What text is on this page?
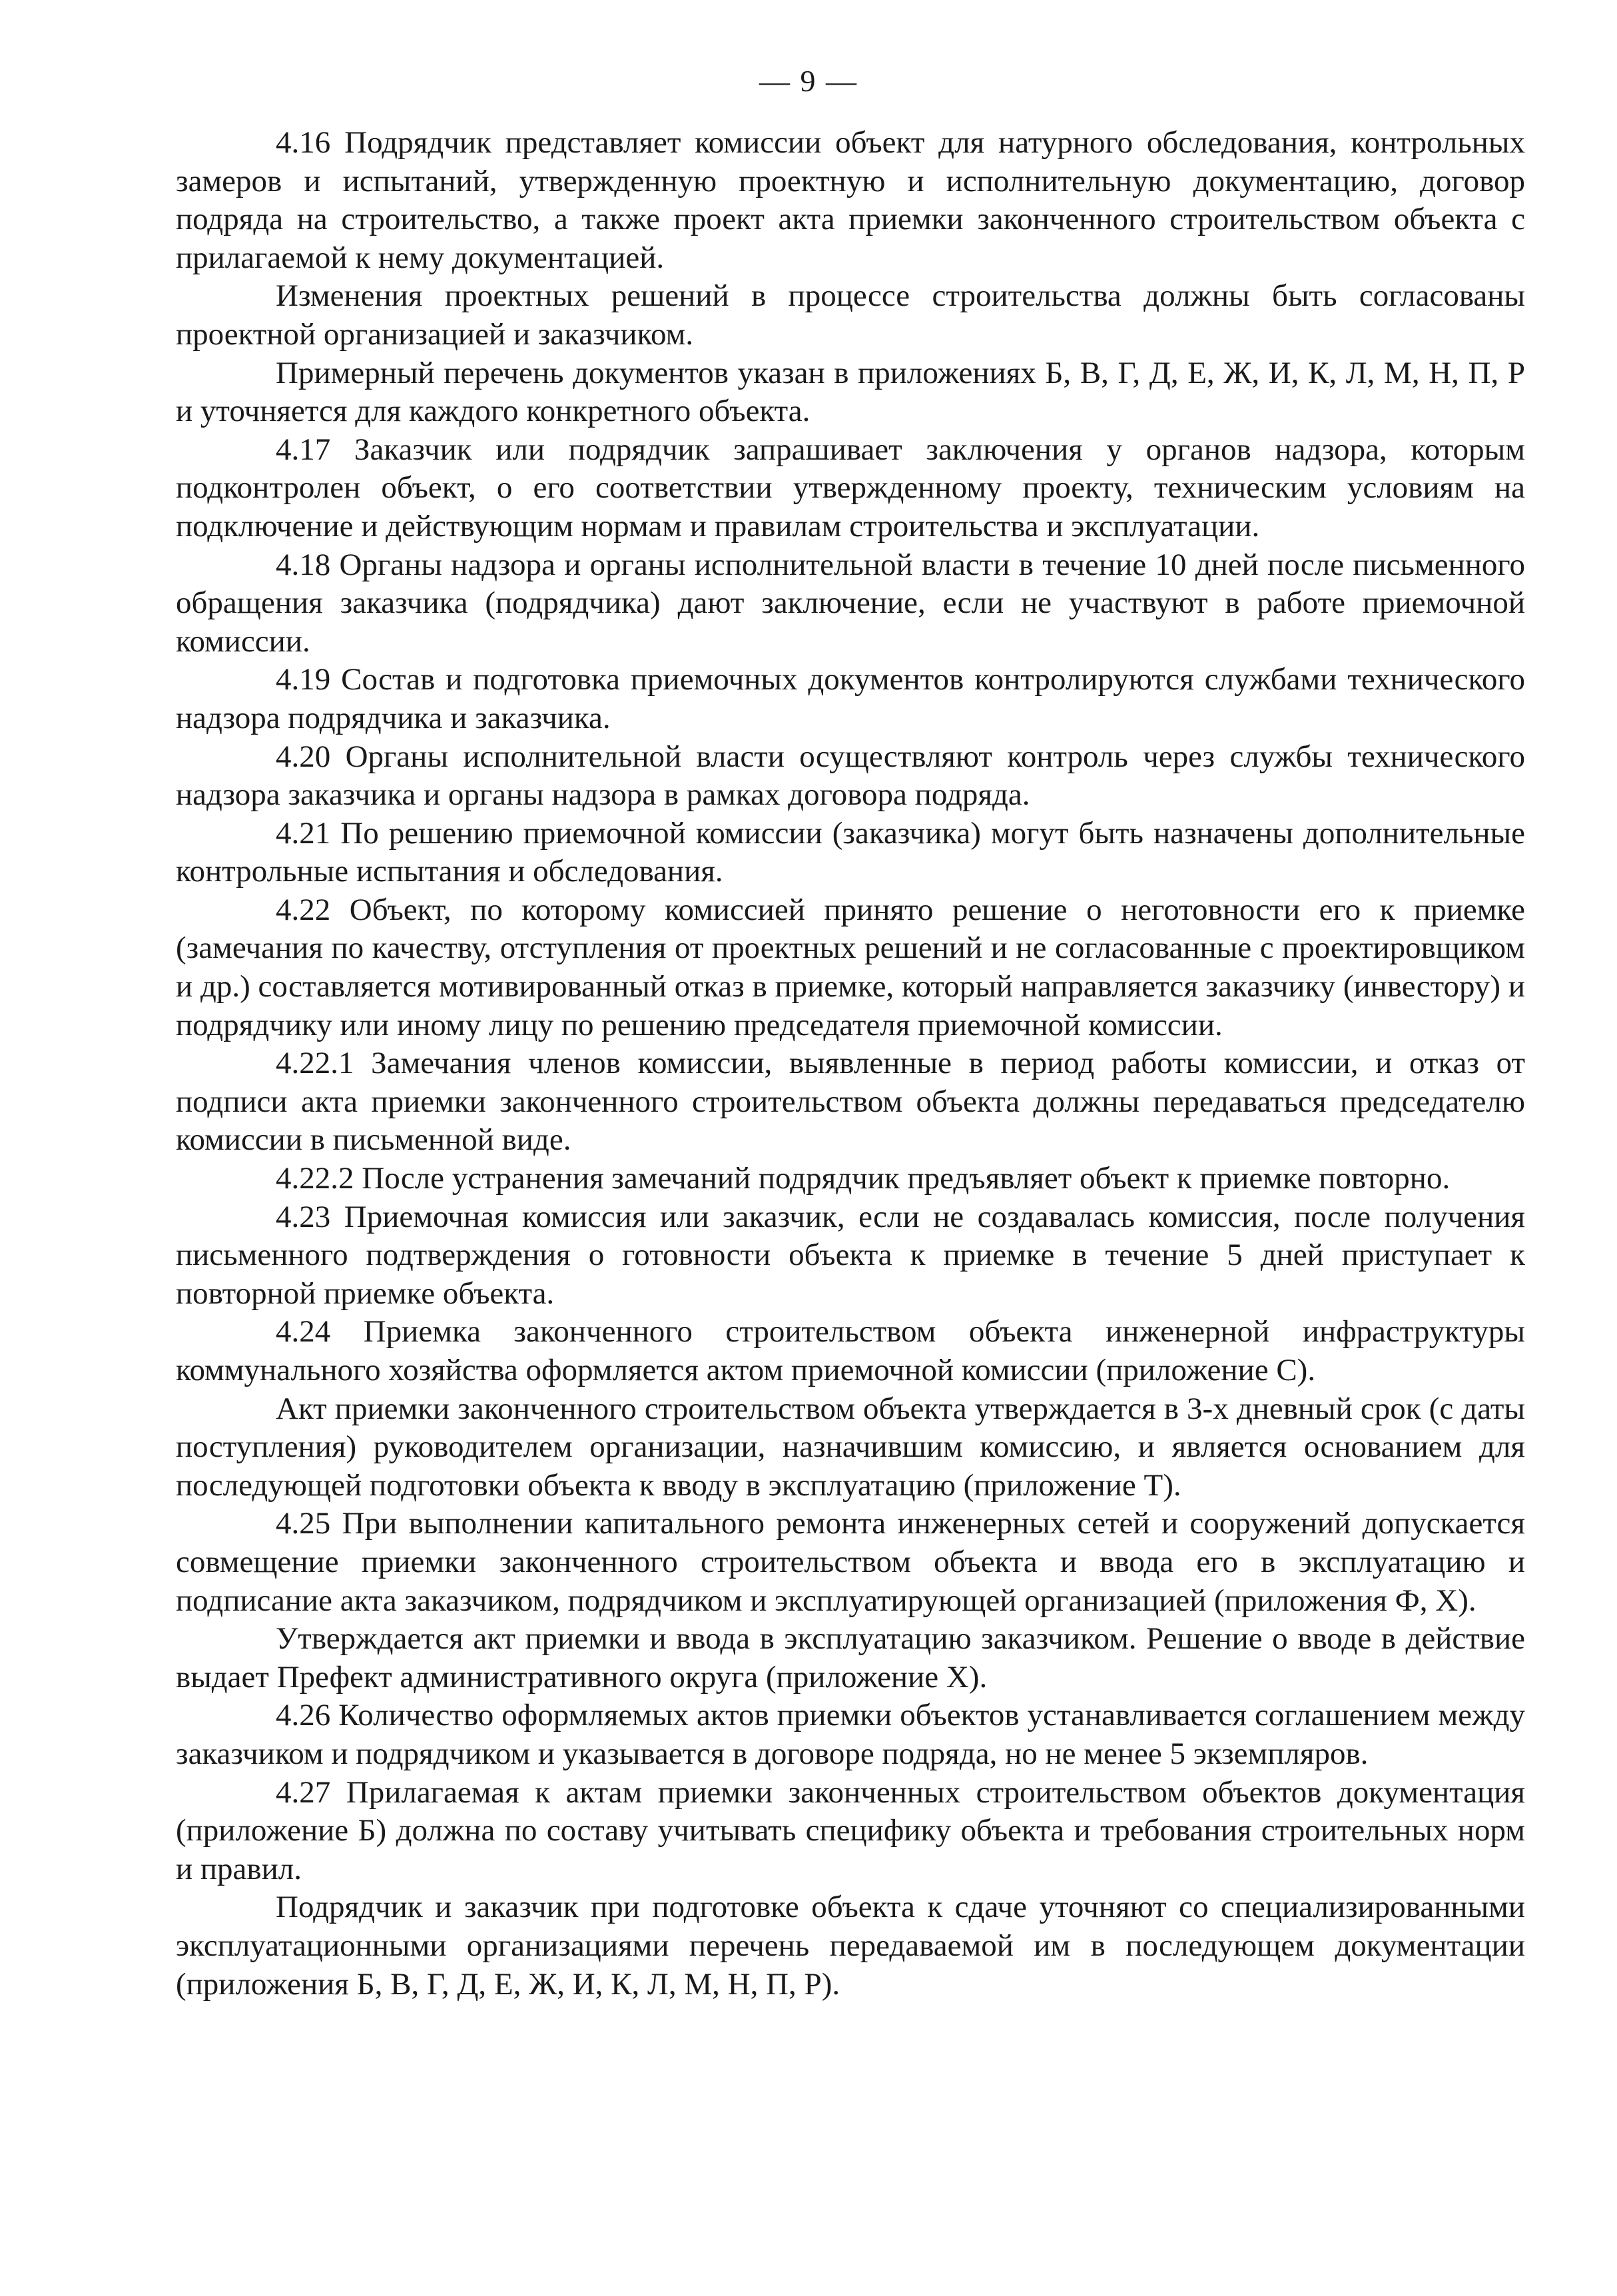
— 9 —

4.16 Подрядчик представляет комиссии объект для натурного обследования, контрольных замеров и испытаний, утвержденную проектную и исполнительную документацию, договор подряда на строительство, а также проект акта приемки законченного строительством объекта с прилагаемой к нему документацией.

Изменения проектных решений в процессе строительства должны быть согласованы проектной организацией и заказчиком.

Примерный перечень документов указан в приложениях Б, В, Г, Д, Е, Ж, И, К, Л, М, Н, П, Р и уточняется для каждого конкретного объекта.

4.17 Заказчик или подрядчик запрашивает заключения у органов надзора, которым подконтролен объект, о его соответствии утвержденному проекту, техническим условиям на подключение и действующим нормам и правилам строительства и эксплуатации.

4.18 Органы надзора и органы исполнительной власти в течение 10 дней после письменного обращения заказчика (подрядчика) дают заключение, если не участвуют в работе приемочной комиссии.

4.19 Состав и подготовка приемочных документов контролируются службами технического надзора подрядчика и заказчика.

4.20 Органы исполнительной власти осуществляют контроль через службы технического надзора заказчика и органы надзора в рамках договора подряда.

4.21 По решению приемочной комиссии (заказчика) могут быть назначены дополнительные контрольные испытания и обследования.

4.22 Объект, по которому комиссией принято решение о неготовности его к приемке (замечания по качеству, отступления от проектных решений и не согласованные с проектировщиком и др.) составляется мотивированный отказ в приемке, который направляется заказчику (инвестору) и подрядчику или иному лицу по решению председателя приемочной комиссии.

4.22.1 Замечания членов комиссии, выявленные в период работы комиссии, и отказ от подписи акта приемки законченного строительством объекта должны передаваться председателю комиссии в письменной виде.

4.22.2 После устранения замечаний подрядчик предъявляет объект к приемке повторно.

4.23 Приемочная комиссия или заказчик, если не создавалась комиссия, после получения письменного подтверждения о готовности объекта к приемке в течение 5 дней приступает к повторной приемке объекта.

4.24 Приемка законченного строительством объекта инженерной инфраструктуры коммунального хозяйства оформляется актом приемочной комиссии (приложение С).

Акт приемки законченного строительством объекта утверждается в 3-х дневный срок (с даты поступления) руководителем организации, назначившим комиссию, и является основанием для последующей подготовки объекта к вводу в эксплуатацию (приложение Т).

4.25 При выполнении капитального ремонта инженерных сетей и сооружений допускается совмещение приемки законченного строительством объекта и ввода его в эксплуатацию и подписание акта заказчиком, подрядчиком и эксплуатирующей организацией (приложения Ф, Х).

Утверждается акт приемки и ввода в эксплуатацию заказчиком. Решение о вводе в действие выдает Префект административного округа (приложение Х).

4.26 Количество оформляемых актов приемки объектов устанавливается соглашением между заказчиком и подрядчиком и указывается в договоре подряда, но не менее 5 экземпляров.

4.27 Прилагаемая к актам приемки законченных строительством объектов документация (приложение Б) должна по составу учитывать специфику объекта и требования строительных норм и правил.

Подрядчик и заказчик при подготовке объекта к сдаче уточняют со специализированными эксплуатационными организациями перечень передаваемой им в последующем документации (приложения Б, В, Г, Д, Е, Ж, И, К, Л, М, Н, П, Р).
